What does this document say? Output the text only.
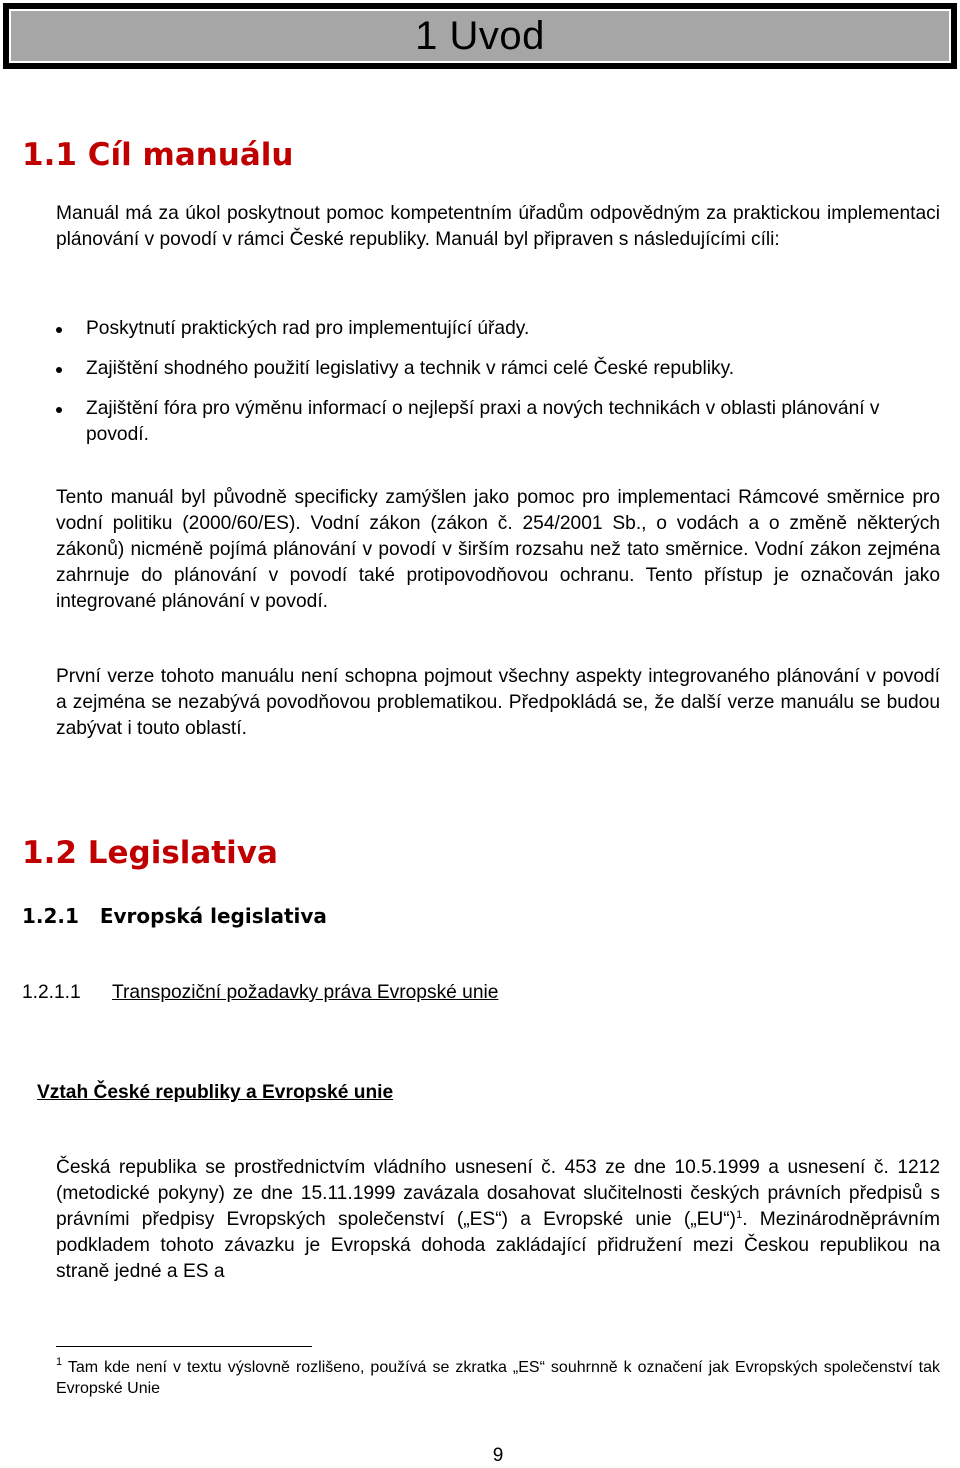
1 Uvod
1.1 Cíl manuálu
Manuál má za úkol poskytnout pomoc kompetentním úřadům odpovědným za praktickou implementaci plánování v povodí v rámci České republiky. Manuál byl připraven s následujícími cíli:
Poskytnutí praktických rad pro implementující úřady.
Zajištění shodného použití legislativy a technik v rámci celé České republiky.
Zajištění fóra pro výměnu informací o nejlepší praxi a nových technikách v oblasti plánování v povodí.
Tento manuál byl původně specificky zamýšlen jako pomoc pro implementaci Rámcové směrnice pro vodní politiku (2000/60/ES). Vodní zákon (zákon č. 254/2001 Sb., o vodách a o změně některých zákonů) nicméně pojímá plánování v povodí v širším rozsahu než tato směrnice. Vodní zákon zejména zahrnuje do plánování v povodí také protipovodňovou ochranu. Tento přístup je označován jako integrované plánování v povodí.
První verze tohoto manuálu není schopna pojmout všechny aspekty integrovaného plánování v povodí a zejména se nezabývá povodňovou problematikou. Předpokládá se, že další verze manuálu se budou zabývat i touto oblastí.
1.2 Legislativa
1.2.1 Evropská legislativa
1.2.1.1 Transpoziční požadavky práva Evropské unie
Vztah České republiky a Evropské unie
Česká republika se prostřednictvím vládního usnesení č. 453 ze dne 10.5.1999 a usnesení č. 1212 (metodické pokyny) ze dne 15.11.1999 zavázala dosahovat slučitelnosti českých právních předpisů s právními předpisy Evropských společenství („ES“) a Evropské unie („EU“)$^1$. Mezinárodněprávním podkladem tohoto závazku je Evropská dohoda zakládající přidružení mezi Českou republikou na straně jedné a ES a
$^1$ Tam kde není v textu výslovně rozlišeno, používá se zkratka „ES“ souhrnně k označení jak Evropských společenství tak Evropské Unie
9
